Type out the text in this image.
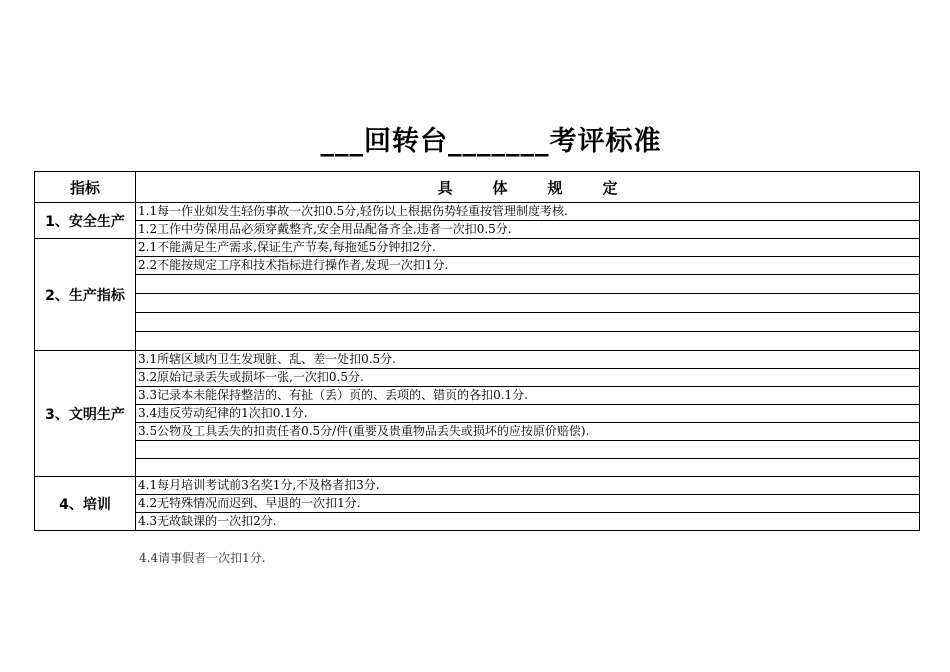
___回转台_______考评标准
指标	具体规定
1、安全生产	1.1每一作业如发生轻伤事故一次扣0.5分,轻伤以上根据伤势轻重按管理制度考核.
	1.2工作中劳保用品必须穿戴整齐,安全用品配备齐全,违者一次扣0.5分.
2、生产指标	2.1不能满足生产需求,保证生产节奏,每拖延5分钟扣2分.
	2.2不能按规定工序和技术指标进行操作者,发现一次扣1分.

3、文明生产	3.1所辖区域内卫生发现脏、乱、差一处扣0.5分.
	3.2原始记录丢失或损坏一张,一次扣0.5分.
	3.3记录本未能保持整洁的、有扯（丢）页的、丢项的、错页的各扣0.1分.
	3.4违反劳动纪律的1次扣0.1分.
	3.5公物及工具丢失的扣责任者0.5分/件(重要及贵重物品丢失或损坏的应按原价赔偿).

4、培训	4.1每月培训考试前3名奖1分,不及格者扣3分.
	4.2无特殊情况而迟到、早退的一次扣1分.
	4.3无故缺课的一次扣2分.
4.4请事假者一次扣1分.
